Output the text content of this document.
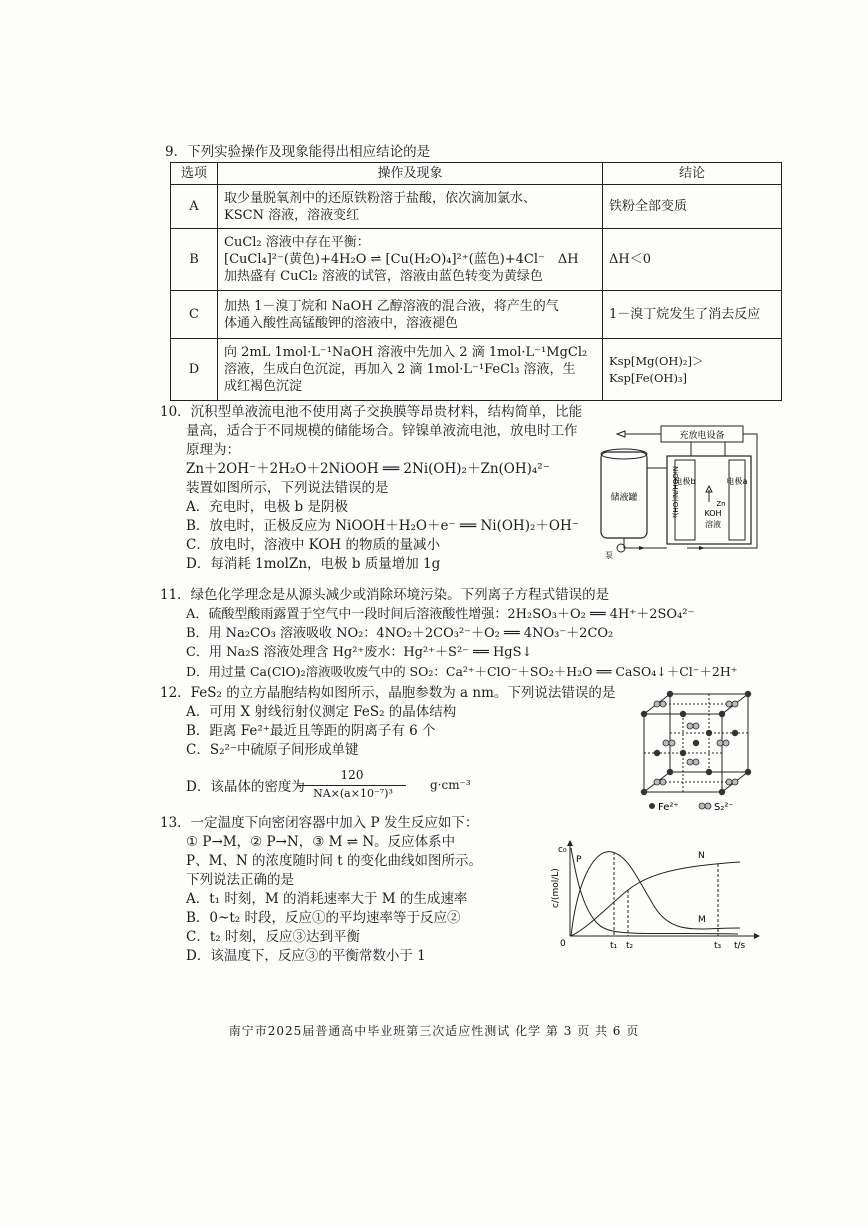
9．下列实验操作及现象能得出相应结论的是
选项	操作及现象	结论
A	取少量脱氧剂中的还原铁粉溶于盐酸，依次滴加氯水、
KSCN 溶液，溶液变红	铁粉全部变质
B	CuCl₂ 溶液中存在平衡：
[CuCl₄]²⁻(黄色)+4H₂O ⇌ [Cu(H₂O)₄]²⁺(蓝色)+4Cl⁻　ΔH
加热盛有 CuCl₂ 溶液的试管，溶液由蓝色转变为黄绿色	ΔH＜0
C	加热 1－溴丁烷和 NaOH 乙醇溶液的混合液，将产生的气
体通入酸性高锰酸钾的溶液中，溶液褪色	1－溴丁烷发生了消去反应
D	向 2mL 1mol·L⁻¹NaOH 溶液中先加入 2 滴 1mol·L⁻¹MgCl₂
溶液，生成白色沉淀，再加入 2 滴 1mol·L⁻¹FeCl₃ 溶液，生
成红褐色沉淀	Ksp[Mg(OH)₂]＞Ksp[Fe(OH)₃]
10．沉积型单液流电池不使用离子交换膜等昂贵材料，结构简单，比能
量高，适合于不同规模的储能场合。锌镍单液流电池，放电时工作
原理为：
Zn＋2OH⁻＋2H₂O＋2NiOOH ══ 2Ni(OH)₂＋Zn(OH)₄²⁻
装置如图所示，下列说法错误的是
A．充电时，电极 b 是阴极
B．放电时，正极反应为 NiOOH＋H₂O＋e⁻ ══ Ni(OH)₂＋OH⁻
C．放电时，溶液中 KOH 的物质的量减小
D．每消耗 1molZn，电极 b 质量增加 1g
充放电设备
电极b
NiOOH/Ni(OH)₂	电极a
Zn
KOH
溶液
储液罐
泵
11．绿色化学理念是从源头减少或消除环境污染。下列离子方程式错误的是
A．硫酸型酸雨露置于空气中一段时间后溶液酸性增强：2H₂SO₃＋O₂ ══ 4H⁺＋2SO₄²⁻
B．用 Na₂CO₃ 溶液吸收 NO₂：4NO₂＋2CO₃²⁻＋O₂ ══ 4NO₃⁻＋2CO₂
C．用 Na₂S 溶液处理含 Hg²⁺废水：Hg²⁺＋S²⁻ ══ HgS↓
D．用过量 Ca(ClO)₂溶液吸收废气中的 SO₂：Ca²⁺＋ClO⁻＋SO₂＋H₂O ══ CaSO₄↓＋Cl⁻＋2H⁺
12．FeS₂ 的立方晶胞结构如图所示，晶胞参数为 a nm。下列说法错误的是
A．可用 X 射线衍射仪测定 FeS₂ 的晶体结构
B．距离 Fe²⁺最近且等距的阴离子有 6 个
C．S₂²⁻中硫原子间形成单键
D．该晶体的密度为
120
NA×(a×10⁻⁷)³
g·cm⁻³
Fe²⁺	S₂²⁻
13．一定温度下向密闭容器中加入 P 发生反应如下：
① P→M，② P→N，③ M ⇌ N。反应体系中
P、M、N 的浓度随时间 t 的变化曲线如图所示。
下列说法正确的是
A．t₁ 时刻，M 的消耗速率大于 M 的生成速率
B．0~t₂ 时段，反应①的平均速率等于反应②
C．t₂ 时刻，反应③达到平衡
D．该温度下，反应③的平衡常数小于 1
c₀
c/(mol/L)
0
P
M
N
t₁ t₂	t₃ t/s
南宁市2025届普通高中毕业班第三次适应性测试 化学 第 3 页 共 6 页
